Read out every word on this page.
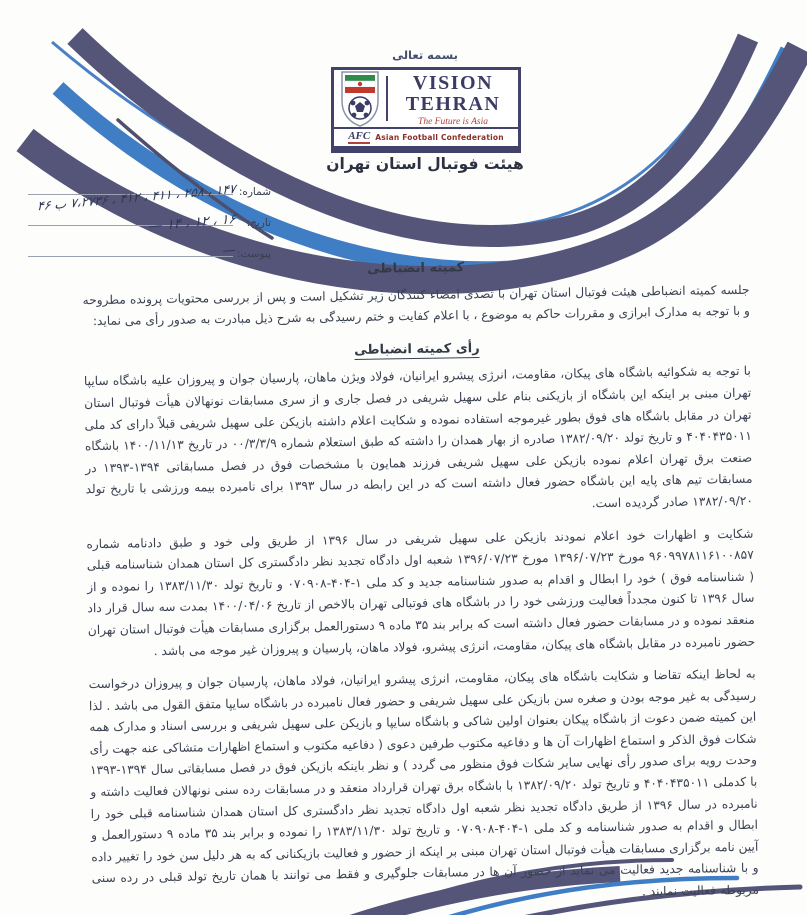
بسمه تعالی
VISION
TEHRAN
The Future is Asia
AFC Asian Football Confederation
هیئت فوتبال استان تهران
شماره:
۱۴۷ ، ۲۵۸ ، ۴۱۱ ، ۴۱۲ ، ۷،۲۷۳۶ ب ۴۶
تاریخ:
۱۶ ، ۱۲ ، ۱۴ —
پیوست:
—
کمیته انضباطی

جلسه کمیته انضباطی هیئت فوتبال استان تهران با تصدی امضاء کنندگان زیر تشکیل است و پس از بررسی محتویات پرونده مطروحه و با توجه به مدارک ابرازی و مقررات حاکم به موضوع ، با اعلام کفایت و ختم رسیدگی به شرح ذیل مبادرت به صدور رأی می نماید:

رأی کمیته انضباطی

با توجه به شکوائیه باشگاه های پیکان، مقاومت، انرژی پیشرو ایرانیان، فولاد ویژن ماهان، پارسیان جوان و پیروزان علیه باشگاه سایپا تهران مبنی بر اینکه این باشگاه از بازیکنی بنام علی سهیل شریفی در فصل جاری و از سری مسابقات نونهالان هیأت فوتبال استان تهران در مقابل باشگاه های فوق بطور غیرموجه استفاده نموده و شکایت اعلام داشته بازیکن علی سهیل شریفی قبلاً دارای کد ملی ۴۰۴۰۴۳۵۰۱۱ و تاریخ تولد ۱۳۸۲/۰۹/۲۰ صادره از بهار همدان را داشته که طبق استعلام شماره ۰۰/۳/۳/۹ در تاریخ ۱۴۰۰/۱۱/۱۳ باشگاه صنعت برق تهران اعلام نموده بازیکن علی سهیل شریفی فرزند همایون با مشخصات فوق در فصل مسابقاتی ۱۳۹۴-۱۳۹۳ در مسابقات تیم های پایه این باشگاه حضور فعال داشته است که در این رابطه در سال ۱۳۹۳ برای نامبرده بیمه ورزشی با تاریخ تولد ۱۳۸۲/۰۹/۲۰ صادر گردیده است.

شکایت و اظهارات خود اعلام نمودند بازیکن علی سهیل شریفی در سال ۱۳۹۶ از طریق ولی خود و طبق دادنامه شماره ۹۶۰۹۹۷۸۱۱۶۱۰۰۸۵۷ مورخ ۱۳۹۶/۰۷/۲۳ مورخ ۱۳۹۶/۰۷/۲۳ شعبه اول دادگاه تجدید نظر دادگستری کل استان همدان شناسنامه قبلی ( شناسنامه فوق ) خود را ابطال و اقدام به صدور شناسنامه جدید و کد ملی ۱-۴۰۴-۰۷۰۹۰۸ و تاریخ تولد ۱۳۸۳/۱۱/۳۰ را نموده و از سال ۱۳۹۶ تا کنون مجدداً فعالیت ورزشی خود را در باشگاه های فوتبالی تهران بالاخص از تاریخ ۱۴۰۰/۰۴/۰۶ بمدت سه سال قرار داد منعقد نموده و در مسابقات حضور فعال داشته است که برابر بند ۳۵ ماده ۹ دستورالعمل برگزاری مسابقات هیأت فوتبال استان تهران حضور نامبرده در مقابل باشگاه های پیکان، مقاومت، انرژی پیشرو، فولاد ماهان، پارسیان و پیروزان غیر موجه می باشد .

به لحاظ اینکه تقاضا و شکایت باشگاه های پیکان، مقاومت، انرژی پیشرو ایرانیان، فولاد ماهان، پارسیان جوان و پیروزان درخواست رسیدگی به غیر موجه بودن و صغره سن بازیکن علی سهیل شریفی و حضور فعال نامبرده در باشگاه سایپا متفق القول می باشد . لذا این کمیته ضمن دعوت از باشگاه پیکان بعنوان اولین شاکی و باشگاه سایپا و بازیکن علی سهیل شریفی و بررسی اسناد و مدارک همه شکات فوق الذکر و استماع اظهارات آن ها و دفاعیه مکتوب طرفین دعوی ( دفاعیه مکتوب و استماع اظهارات متشاکی عنه جهت رأی وحدت رویه برای صدور رأی نهایی سایر شکات فوق منظور می گردد ) و نظر باینکه بازیکن فوق در فصل مسابقاتی سال ۱۳۹۴-۱۳۹۳ با کدملی ۴۰۴۰۴۳۵۰۱۱ و تاریخ تولد ۱۳۸۲/۰۹/۲۰ با باشگاه برق تهران قرارداد منعقد و در مسابقات رده سنی نونهالان فعالیت داشته و نامبرده در سال ۱۳۹۶ از طریق دادگاه تجدید نظر شعبه اول دادگاه تجدید نظر دادگستری کل استان همدان شناسنامه قبلی خود را ابطال و اقدام به صدور شناسنامه و کد ملی ۱-۴۰۴-۰۷۰۹۰۸ و تاریخ تولد ۱۳۸۳/۱۱/۳۰ را نموده و برابر بند ۳۵ ماده ۹ دستورالعمل و آیین نامه برگزاری مسابقات هیأت فوتبال استان تهران مبنی بر اینکه از حضور و فعالیت بازیکنانی که به هر دلیل سن خود را تغییر داده و با شناسنامه جدید فعالیت می نماید از حضور آن ها در مسابقات جلوگیری و فقط می توانند با همان تاریخ تولد قبلی در رده سنی مربوطه فعالیت نمایند .
